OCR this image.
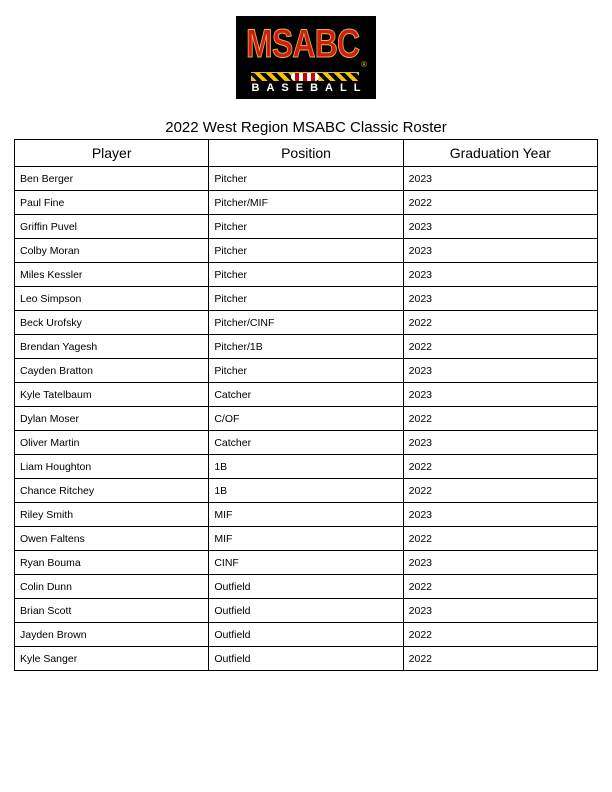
MSABC ®
BASEBALL
2022 West Region MSABC Classic Roster
Player	Position	Graduation Year
Ben Berger	Pitcher	2023
Paul Fine	Pitcher/MIF	2022
Griffin Puvel	Pitcher	2023
Colby Moran	Pitcher	2023
Miles Kessler	Pitcher	2023
Leo Simpson	Pitcher	2023
Beck Urofsky	Pitcher/CINF	2022
Brendan Yagesh	Pitcher/1B	2022
Cayden Bratton	Pitcher	2023
Kyle Tatelbaum	Catcher	2023
Dylan Moser	C/OF	2022
Oliver Martin	Catcher	2023
Liam Houghton	1B	2022
Chance Ritchey	1B	2022
Riley Smith	MIF	2023
Owen Faltens	MIF	2022
Ryan Bouma	CINF	2023
Colin Dunn	Outfield	2022
Brian Scott	Outfield	2023
Jayden Brown	Outfield	2022
Kyle Sanger	Outfield	2022
